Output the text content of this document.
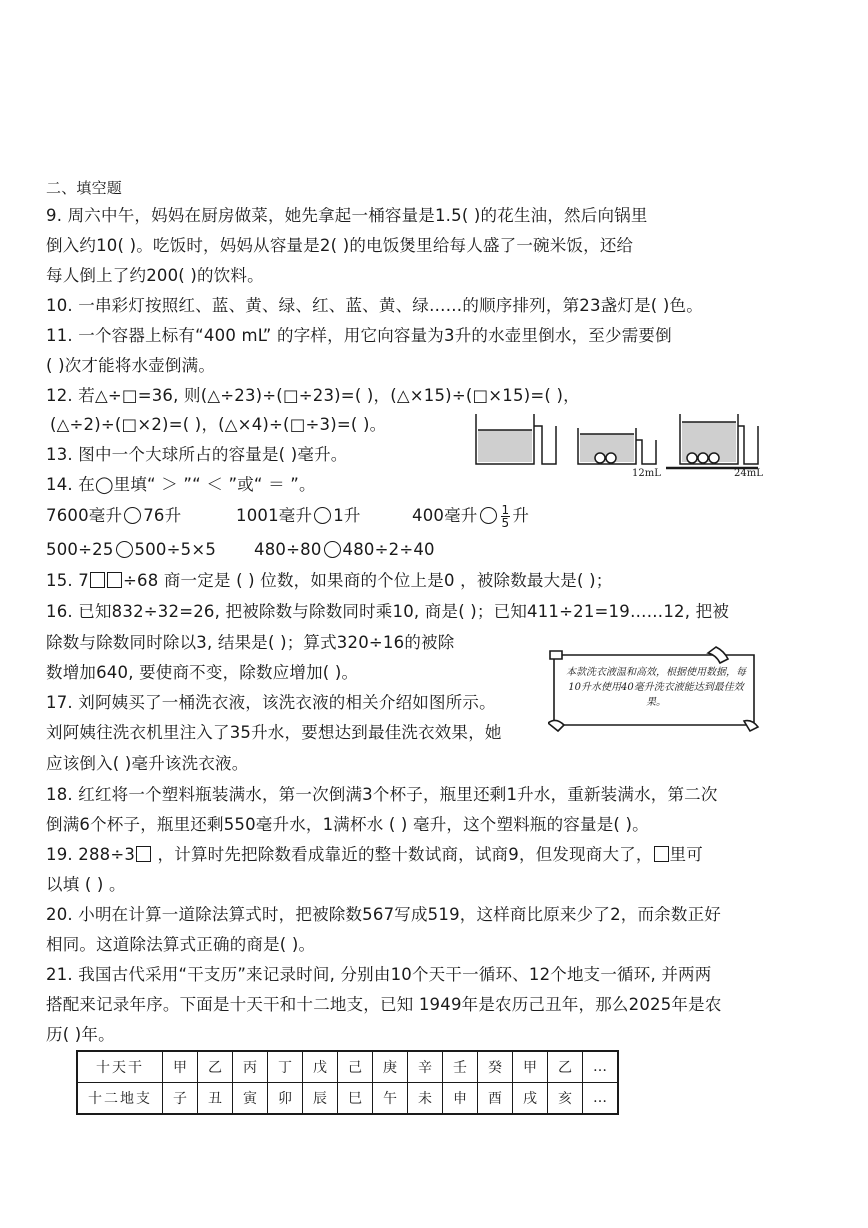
二、填空题
9. 周六中午，妈妈在厨房做菜，她先拿起一桶容量是1.5( )的花生油，然后向锅里
倒入约10( )。吃饭时，妈妈从容量是2( )的电饭煲里给每人盛了一碗米饭，还给
每人倒上了约200( )的饮料。
10. 一串彩灯按照红、蓝、黄、绿、红、蓝、黄、绿……的顺序排列，第23盏灯是( )色。
11. 一个容器上标有“400 mL” 的字样，用它向容量为3升的水壶里倒水，至少需要倒
( )次才能将水壶倒满。
12. 若△÷□=36, 则(△÷23)÷(□÷23)=( )，(△×15)÷(□×15)=( )，
(△÷2)÷(□×2)=( )，(△×4)÷(□÷3)=( )。
12mL	24mL
13. 图中一个大球所占的容量是( )毫升。
14. 在◯里填“ ＞ ”“ ＜ ”或“ ＝ ”。
7600毫升 76升	1001毫升 1升	400毫升 $\frac{1}{5}$ 升
500÷25 500÷5×5 480÷80 480÷2÷40
15. 7 ÷68 商一定是 ( ) 位数，如果商的个位上是0 ，被除数最大是( )；
16. 已知832÷32=26, 把被除数与除数同时乘10, 商是( )；已知411÷21=19……12, 把被
除数与除数同时除以3, 结果是( )；算式320÷16的被除
数增加640, 要使商不变，除数应增加( )。	本款洗衣液温和高效，根据使用数据，每10升水使用40毫升洗衣液能达到最佳效果。
17. 刘阿姨买了一桶洗衣液，该洗衣液的相关介绍如图所示。
刘阿姨往洗衣机里注入了35升水，要想达到最佳洗衣效果，她
应该倒入( )毫升该洗衣液。
18. 红红将一个塑料瓶装满水，第一次倒满3个杯子，瓶里还剩1升水，重新装满水，第二次
倒满6个杯子，瓶里还剩550毫升水，1满杯水 ( ) 毫升，这个塑料瓶的容量是( )。
19. 288÷3 ，计算时先把除数看成靠近的整十数试商，试商9，但发现商大了， 里可
以填 ( ) 。
20. 小明在计算一道除法算式时，把被除数567写成519，这样商比原来少了2，而余数正好
相同。这道除法算式正确的商是( )。
21. 我国古代采用“干支历”来记录时间, 分别由10个天干一循环、12个地支一循环, 并两两
搭配来记录年序。下面是十天干和十二地支，已知 1949年是农历己丑年，那么2025年是农
历( )年。
十天干	甲	乙	丙	丁	戊	己	庚	辛	壬	癸	甲	乙	…
十二地支	子	丑	寅	卯	辰	巳	午	未	申	酉	戌	亥	…
